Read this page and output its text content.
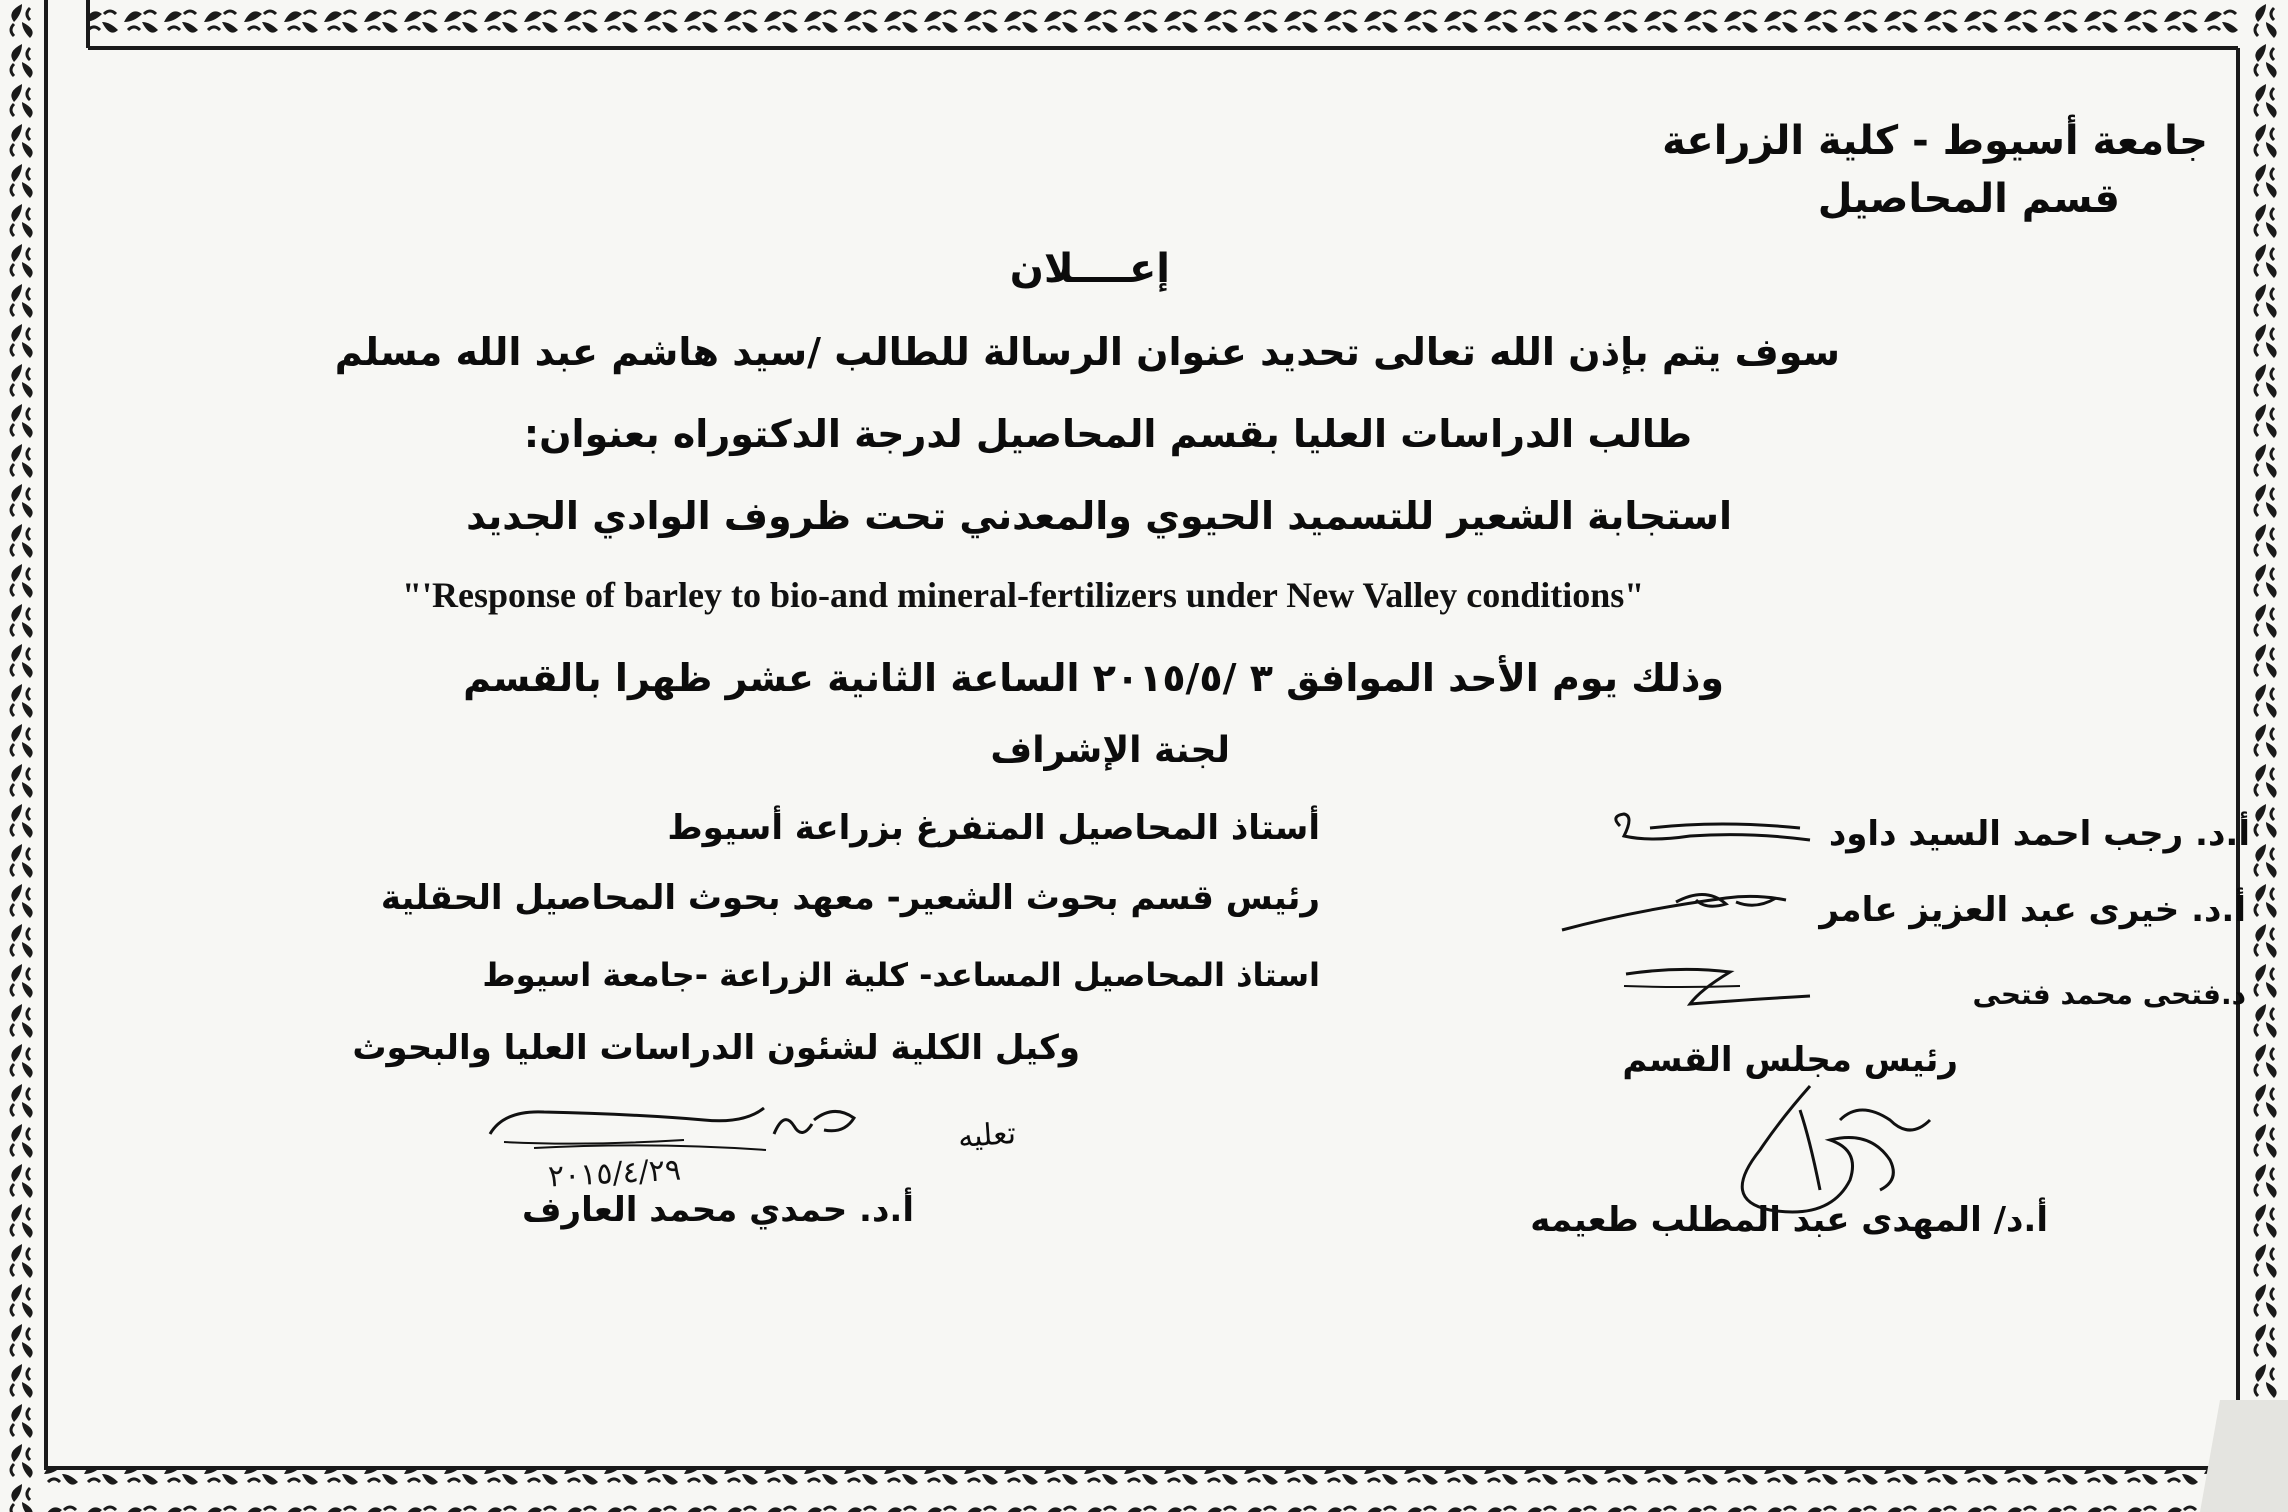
جامعة أسيوط - كلية الزراعة
قسم المحاصيل
إعــــلان
سوف يتم بإذن الله تعالى تحديد عنوان الرسالة للطالب /سيد هاشم عبد الله مسلم
طالب الدراسات العليا بقسم المحاصيل لدرجة الدكتوراه بعنوان:
استجابة الشعير للتسميد الحيوي والمعدني تحت ظروف الوادي الجديد
"'Response of barley to bio-and mineral-fertilizers under New Valley conditions"
وذلك يوم الأحد الموافق ٣ /٢٠١٥/٥ الساعة الثانية عشر ظهرا بالقسم
لجنة الإشراف
أ.د. رجب احمد السيد داود
أستاذ المحاصيل المتفرغ بزراعة أسيوط
أ.د. خيرى عبد العزيز عامر
رئيس قسم بحوث الشعير- معهد بحوث المحاصيل الحقلية
د.فتحى محمد فتحى
استاذ المحاصيل المساعد- كلية الزراعة -جامعة اسيوط
رئيس مجلس القسم
وكيل الكلية لشئون الدراسات العليا والبحوث
أ.د/ المهدى عبد المطلب طعيمه
أ.د. حمدي محمد العارف
٢٠١٥/٤/٢٩
تعليه
